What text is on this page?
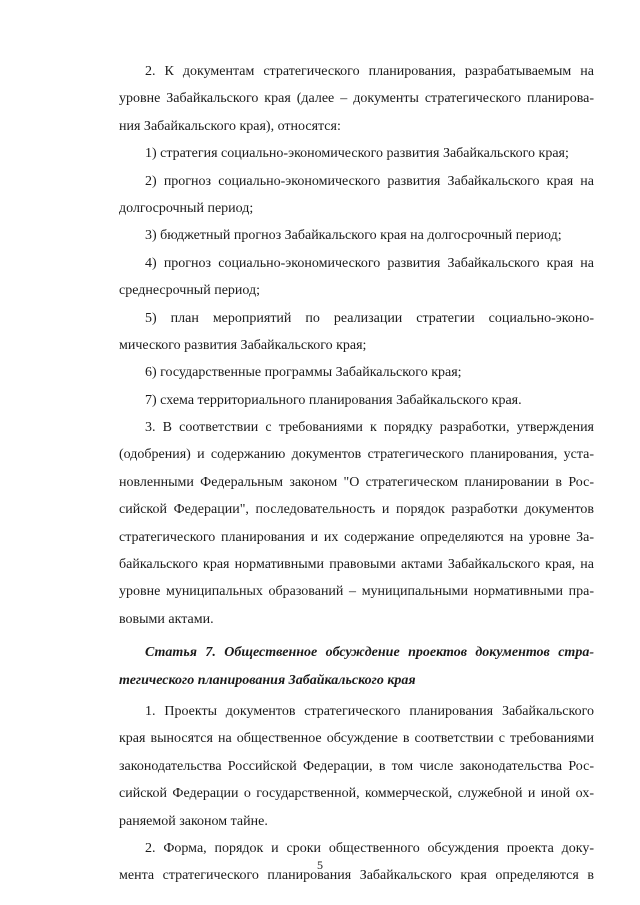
2. К документам стратегического планирования, разрабатываемым на
уровне Забайкальского края (далее – документы стратегического планирова-
ния Забайкальского края), относятся:
1) стратегия социально-экономического развития Забайкальского края;
2) прогноз социально-экономического развития Забайкальского края на
долгосрочный период;
3) бюджетный прогноз Забайкальского края на долгосрочный период;
4) прогноз социально-экономического развития Забайкальского края на
среднесрочный период;
5) план мероприятий по реализации стратегии социально-эконо-
мического развития Забайкальского края;
6) государственные программы Забайкальского края;
7) схема территориального планирования Забайкальского края.
3. В соответствии с требованиями к порядку разработки, утверждения
(одобрения) и содержанию документов стратегического планирования, уста-
новленными Федеральным законом "О стратегическом планировании в Рос-
сийской Федерации", последовательность и порядок разработки документов
стратегического планирования и их содержание определяются на уровне За-
байкальского края нормативными правовыми актами Забайкальского края, на
уровне муниципальных образований – муниципальными нормативными пра-
вовыми актами.
Статья 7. Общественное обсуждение проектов документов стра-
тегического планирования Забайкальского края
1. Проекты документов стратегического планирования Забайкальского
края выносятся на общественное обсуждение в соответствии с требованиями
законодательства Российской Федерации, в том числе законодательства Рос-
сийской Федерации о государственной, коммерческой, служебной и иной ох-
раняемой законом тайне.
2. Форма, порядок и сроки общественного обсуждения проекта доку-
мента стратегического планирования Забайкальского края определяются в
5
